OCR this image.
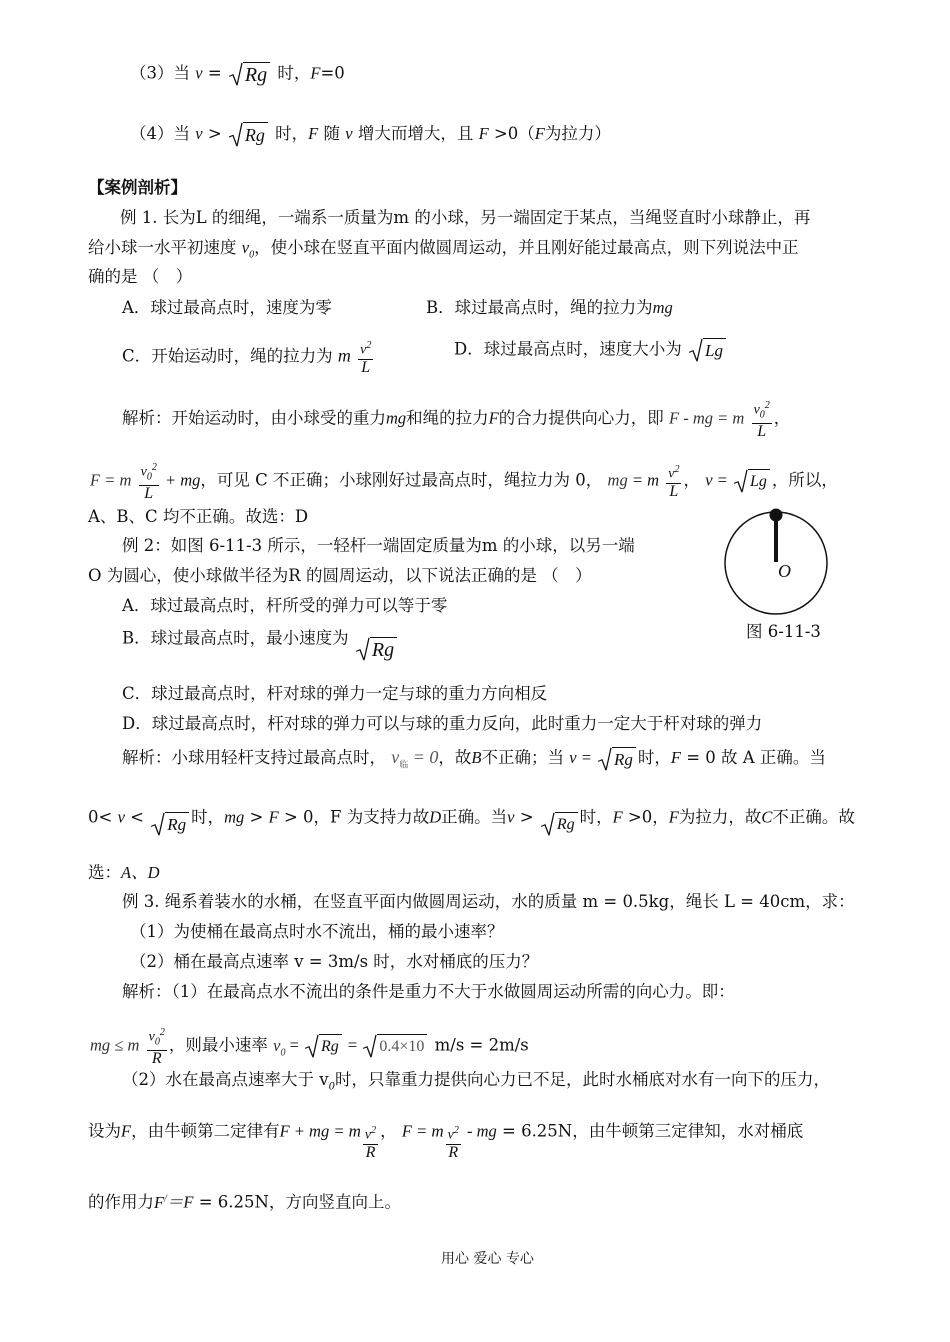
（3）当 v =
Rg 时，F=0
（4）当 v >
Rg 时，F 随 v 增大而增大，且 F >0（F为拉力）
【案例剖析】
例 1. 长为L 的细绳，一端系一质量为m 的小球，另一端固定于某点，当绳竖直时小球静止，再
给小球一水平初速度 $v_0$，使小球在竖直平面内做圆周运动，并且刚好能过最高点，则下列说法中正
确的是 （　）
A．球过最高点时，速度为零	B．球过最高点时，绳的拉力为mg
C．开始运动时，绳的拉力为 m $\frac{v^2}{L}$	D．球过最高点时，速度大小为 Lg
解析：开始运动时，由小球受的重力mg和绳的拉力F的合力提供向心力，即 F - mg = m $\frac{v_0^2}{L}$ ，
F = m $\frac{v_0^2}{L}$ + mg，可见 C 不正确；小球刚好过最高点时，绳拉力为 0， mg = m $\frac{v^2}{L}$ ， v =
Lg ，所以，
A、B、C 均不正确。故选：D
例 2：如图 6-11-3 所示，一轻杆一端固定质量为m 的小球，以另一端
O 为圆心，使小球做半径为R 的圆周运动，以下说法正确的是 （　）
A．球过最高点时，杆所受的弹力可以等于零
B．球过最高点时，最小速度为
Rg
O
图 6-11-3
C．球过最高点时，杆对球的弹力一定与球的重力方向相反
D．球过最高点时，杆对球的弹力可以与球的重力反向，此时重力一定大于杆对球的弹力
解析：小球用轻杆支持过最高点时， $v_临 = 0$，故B不正确；当 v =
Rg 时，F = 0 故 A 正确。当
0< v <
Rg 时，mg > F > 0，F 为支持力故D正确。当v >
Rg 时，F >0，F为拉力，故C不正确。故
选：A、D
例 3. 绳系着装水的水桶，在竖直平面内做圆周运动，水的质量 m = 0.5kg，绳长 L = 40cm，求：
（1）为使桶在最高点时水不流出，桶的最小速率？
（2）桶在最高点速率 v = 3m/s 时，水对桶底的压力？
解析：（1）在最高点水不流出的条件是重力不大于水做圆周运动所需的向心力。即：
mg ≤ m $\frac{v_0^2}{R}$ ，则最小速率 $v_0$ =
Rg =
0.4×10 m/s = 2m/s
（2）水在最高点速率大于 $v_0$时，只靠重力提供向心力已不足，此时水桶底对水有一向下的压力，
设为F，由牛顿第二定律有F + mg = m $\frac{v^2}{R}$ ， F = m $\frac{v^2}{R}$ - mg = 6.25N，由牛顿第三定律知，水对桶底
的作用力F/＝F = 6.25N，方向竖直向上。
用心 爱心 专心
